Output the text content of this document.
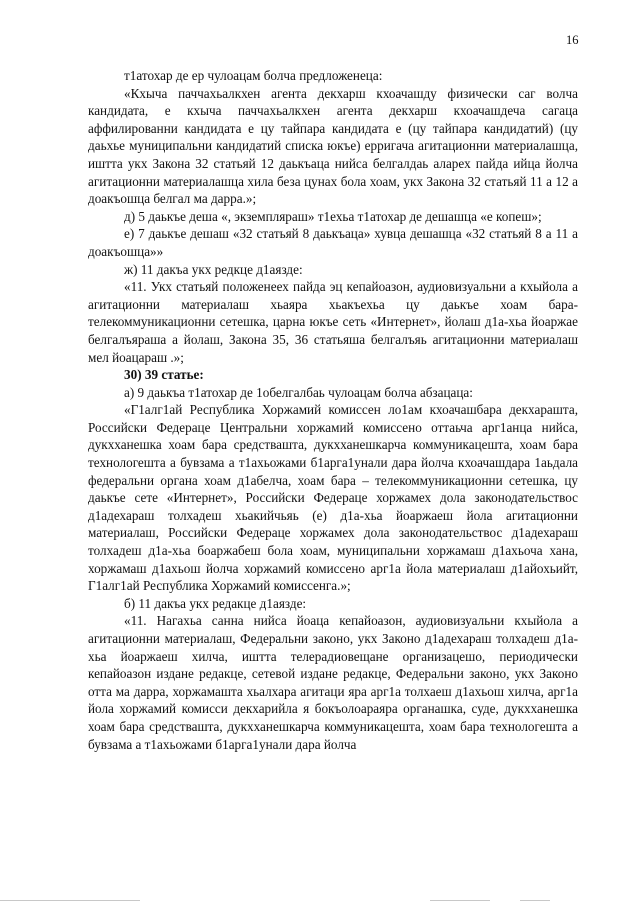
16

т1атохар де ер чулоацам болча предложенеца:

«Кхыча паччахьалкхен агента декхарш кхоачашду физически саг волча кандидата, е кхыча паччахьалкхен агента декхарш кхоачашдеча сагаца аффилированни кандидата е цу тайпара кандидата е (цу тайпара кандидатий) (цу даьхье муниципальни кандидатий списка юкъе) ерригача агитационни материалашца, иштта укх Закона 32 статьяй 12 даькъаца нийса белгалдаь аларех пайда ийца йолча агитационни материалашца хила беза цунах бола хоам, укх Закона 32 статьяй 11 а 12 а доакъошца белгал ма дарра.»;

д) 5 даькъе деша «, экземпляраш» т1ехьа т1атохар де дешашца «е копеш»;

е) 7 даькъе дешаш «32 статьяй 8 даькъаца» хувца дешашца «32 статьяй 8 а 11 а доакъошца»»

ж) 11 дакъа укх редкце д1аязде:

«11. Укх статьяй положенеех пайда эц кепайоазон, аудиовизуальни а кхыйола а агитационни материалаш хьаяра хьакъехьа цу даькъе хоам бара-телекоммуникационни сетешка, царна юкъе сеть «Интернет», йолаш д1а-хьа йоаржае белгалъяраша а йолаш, Закона 35, 36 статьяша белгалъяь агитационни материалаш мел йоацараш .»;

30) 39 статье:

а) 9 даькъа т1атохар де 1обелгалбаь чулоацам болча абзацаца:

«Г1алг1ай Республика Хоржамий комиссен ло1ам кхоачашбара декхарашта, Российски Федераце Центральни хоржамий комиссено оттаьча арг1анца нийса, дукхханешка хоам бара средствашта, дукхханешкарча коммуникацешта, хоам бара технологешта а бувзама а т1ахьожами б1арга1унали дара йолча кхоачашдара 1аьдала федеральни органа хоам д1абелча, хоам бара – телекоммуникационни сетешка, цу даькъе сете «Интернет», Российски Федераце хоржамех дола законодательствос д1адехараш толхадеш хьакийчьяь (е) д1а-хьа йоаржаеш йола агитационни материалаш, Российски Федераце хоржамех дола законодательствос д1адехараш толхадеш д1а-хьа боаржабеш бола хоам, муниципальни хоржамаш д1ахьоча хана, хоржамаш д1ахьош йолча хоржамий комиссено арг1а йола материалаш д1айохьийт, Г1алг1ай Республика Хоржамий комиссенга.»;

б) 11 дакъа укх редакце д1аязде:

«11. Нагахьа санна нийса йоаца кепайоазон, аудиовизуальни кхыйола а агитационни материалаш, Федеральни законо, укх Законо д1адехараш толхадеш д1а-хьа йоаржаеш хилча, иштта телерадиовещане организацешо, периодически кепайоазон издане редакце, сетевой издане редакце, Федеральни законо, укх Законо отта ма дарра, хоржамашта хьалхара агитаци яра арг1а толхаеш д1ахьош хилча, арг1а йола хоржамий комисси декхарийла я бокъолоараяра органашка, суде, дукхханешка хоам бара средствашта, дукхханешкарча коммуникацешта, хоам бара технологешта а бувзама а т1ахьожами б1арга1унали дара йолча
